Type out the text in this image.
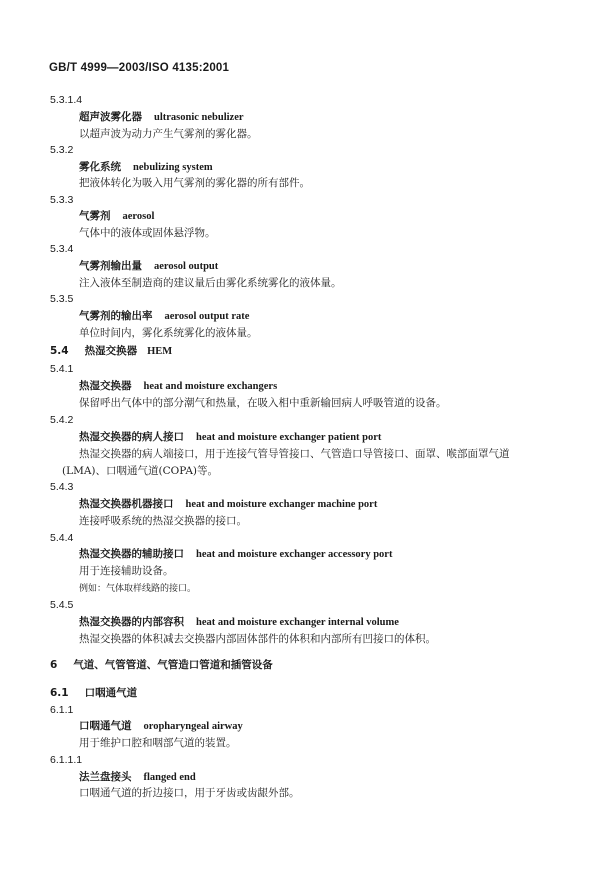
GB/T 4999—2003/ISO 4135:2001
5.3.1.4
超声波雾化器 ultrasonic nebulizer
以超声波为动力产生气雾剂的雾化器。
5.3.2
雾化系统 nebulizing system
把液体转化为吸入用气雾剂的雾化器的所有部件。
5.3.3
气雾剂 aerosol
气体中的液体或固体悬浮物。
5.3.4
气雾剂输出量 aerosol output
注入液体至制造商的建议量后由雾化系统雾化的液体量。
5.3.5
气雾剂的输出率 aerosol output rate
单位时间内，雾化系统雾化的液体量。
5.4 热湿交换器 HEM
5.4.1
热湿交换器 heat and moisture exchangers
保留呼出气体中的部分潮气和热量，在吸入相中重新输回病人呼吸管道的设备。
5.4.2
热湿交换器的病人接口 heat and moisture exchanger patient port
热湿交换器的病人端接口，用于连接气管导管接口、气管造口导管接口、面罩、喉部面罩气道
(LMA)、口咽通气道(COPA)等。
5.4.3
热湿交换器机器接口 heat and moisture exchanger machine port
连接呼吸系统的热湿交换器的接口。
5.4.4
热湿交换器的辅助接口 heat and moisture exchanger accessory port
用于连接辅助设备。
例如：气体取样线路的接口。
5.4.5
热湿交换器的内部容积 heat and moisture exchanger internal volume
热湿交换器的体积减去交换器内部固体部件的体积和内部所有凹接口的体积。
6 气道、气管管道、气管造口管道和插管设备
6.1 口咽通气道
6.1.1
口咽通气道 oropharyngeal airway
用于维护口腔和咽部气道的装置。
6.1.1.1
法兰盘接头 flanged end
口咽通气道的折边接口，用于牙齿或齿龈外部。
